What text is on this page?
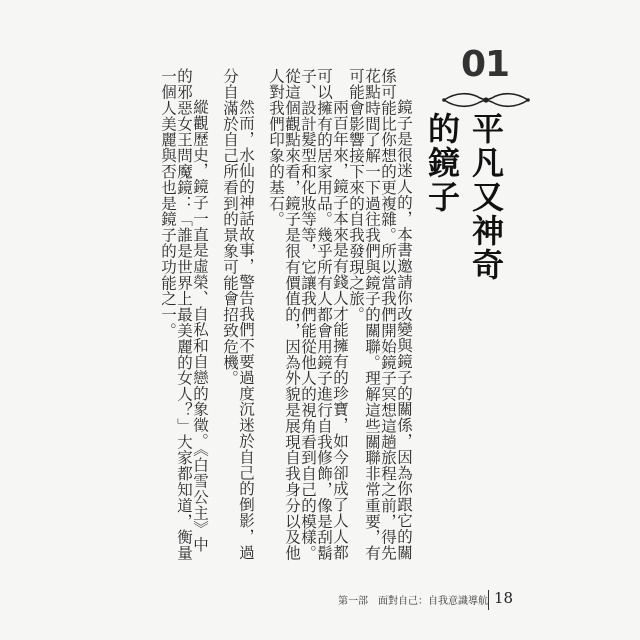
01
平凡又神奇的鏡子

鏡子是很迷人的，本書邀請你改變與鏡子的關係，因為你跟它的關係可能比你想的更複雜。所以當我們開始鏡子冥想這趟旅程之前，得先花點時間了解一下過往我們與鏡子的關聯。理解這些關聯非常重要，有可能會影響接下來的自我發現之旅。

兩百年來，鏡子本來是有錢人才能擁有的珍寶，如今卻成了人人都可以擁有的居家用品。幾乎所有人都會用鏡子進行自我修飾，像是刮鬍子、設計髮型和化妝等等，它讓我們能從他人的視角看到自己的模樣。從這個觀點來看，鏡子是很有價值的，因為外貌是展現自我身分以及他人對我們印象的基石。

然而，水仙的神話故事，警告我們不要過度沉迷於自己的倒影，過分自滿於自己所看到的景象可能會招致危機。

縱觀歷史，鏡子一直是虛榮、自私和自戀的象徵。《白雪公主》中的邪惡女王問魔鏡：「誰是世界上最美麗的女人？」大家都知道，衡量一個人美麗與否也是鏡子的功能之一。

第一部　面對自己：自我意識導航 18
